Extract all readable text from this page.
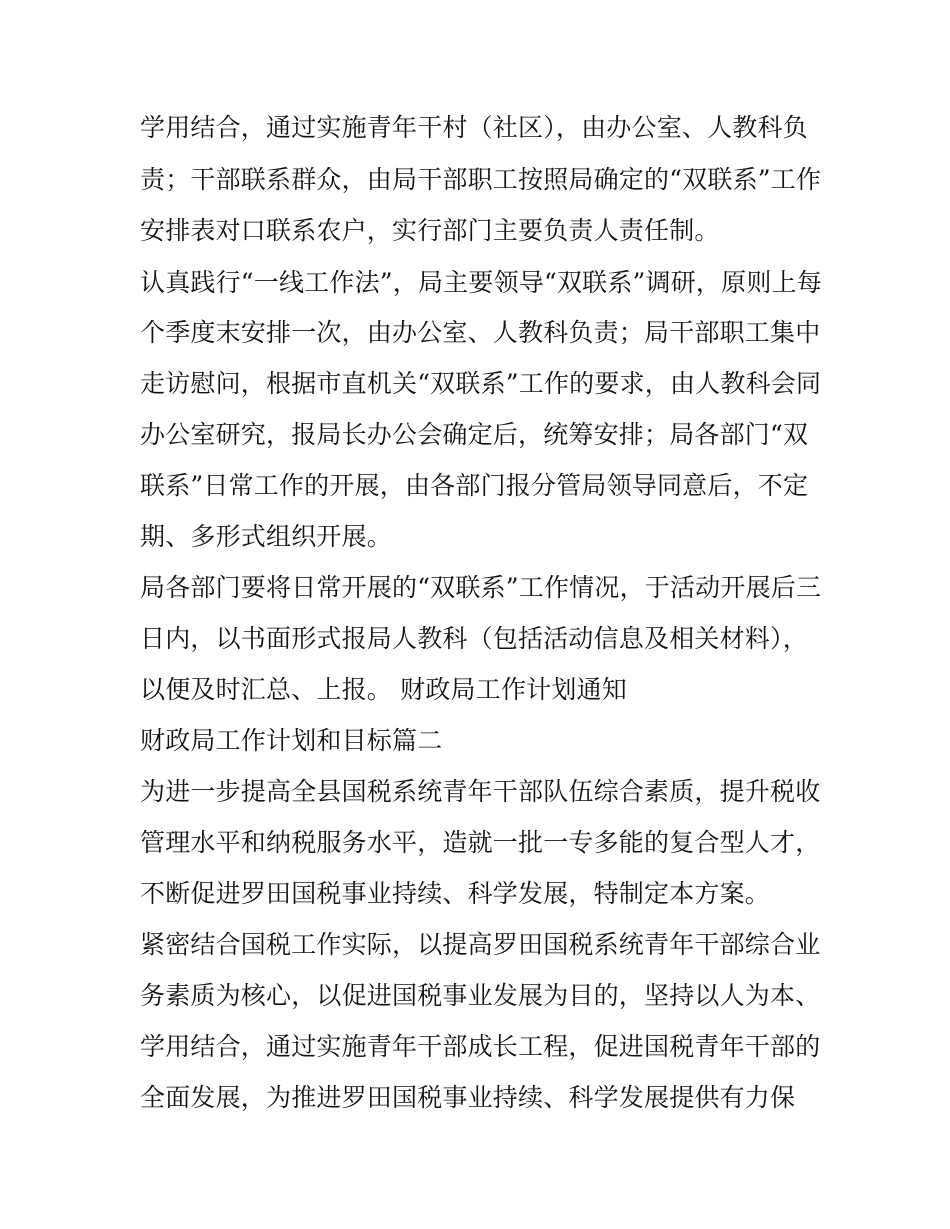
学用结合，通过实施青年干村（社区），由办公室、人教科负
责；干部联系群众，由局干部职工按照局确定的“双联系”工作
安排表对口联系农户，实行部门主要负责人责任制。
认真践行“一线工作法”，局主要领导“双联系”调研，原则上每
个季度末安排一次，由办公室、人教科负责；局干部职工集中
走访慰问，根据市直机关“双联系”工作的要求，由人教科会同
办公室研究，报局长办公会确定后，统筹安排；局各部门“双
联系”日常工作的开展，由各部门报分管局领导同意后，不定
期、多形式组织开展。
局各部门要将日常开展的“双联系”工作情况，于活动开展后三
日内，以书面形式报局人教科（包括活动信息及相关材料），
以便及时汇总、上报。 财政局工作计划通知
财政局工作计划和目标篇二
为进一步提高全县国税系统青年干部队伍综合素质，提升税收
管理水平和纳税服务水平，造就一批一专多能的复合型人才，
不断促进罗田国税事业持续、科学发展，特制定本方案。
紧密结合国税工作实际，以提高罗田国税系统青年干部综合业
务素质为核心，以促进国税事业发展为目的，坚持以人为本、
学用结合，通过实施青年干部成长工程，促进国税青年干部的
全面发展，为推进罗田国税事业持续、科学发展提供有力保
